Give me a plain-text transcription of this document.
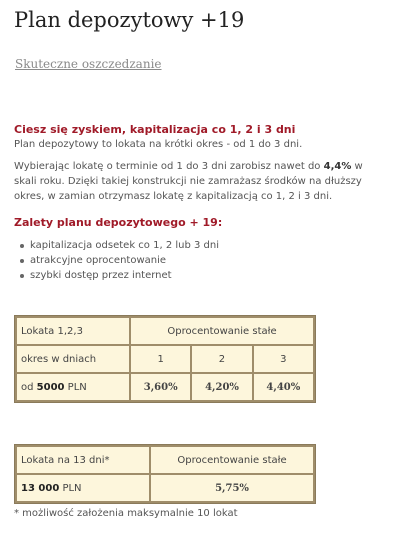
Plan depozytowy +19
Skuteczne oszczedzanie
Ciesz się zyskiem, kapitalizacja co 1, 2 i 3 dni

Plan depozytowy to lokata na krótki okres - od 1 do 3 dni.

Wybierając lokatę o terminie od 1 do 3 dni zarobisz nawet do 4,4% w skali roku. Dzięki takiej konstrukcji nie zamrażasz środków na dłuższy okres, w zamian otrzymasz lokatę z kapitalizacją co 1, 2 i 3 dni.

Zalety planu depozytowego + 19:
kapitalizacja odsetek co 1, 2 lub 3 dni
atrakcyjne oprocentowanie
szybki dostęp przez internet
Lokata 1,2,3	Oprocentowanie stałe		
okres w dniach	1	2	3
od 5000 PLN	3,60%	4,20%	4,40%
Lokata na 13 dni*	Oprocentowanie stałe
13 000 PLN	5,75%

* możliwość założenia maksymalnie 10 lokat
